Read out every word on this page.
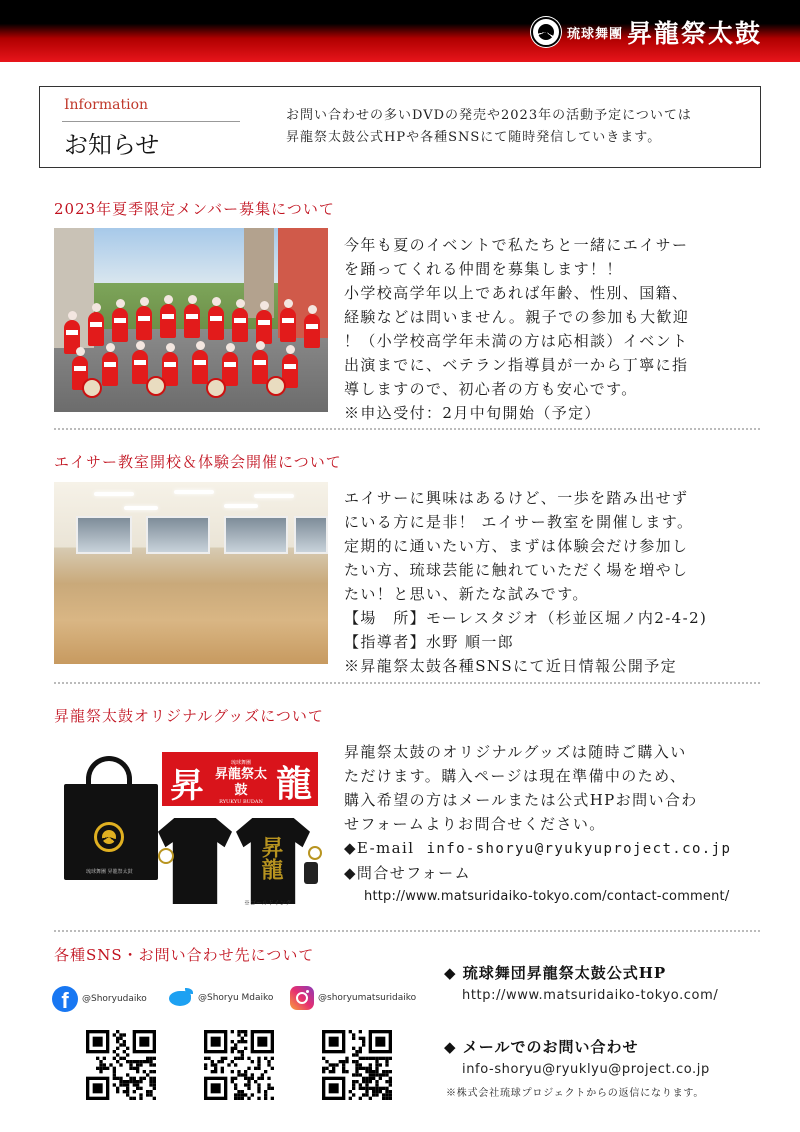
琉球舞團 昇龍祭太鼓
Information
お知らせ
お問い合わせの多いDVDの発売や2023年の活動予定については
昇龍祭太鼓公式HPや各種SNSにて随時発信していきます。
2023年夏季限定メンバー募集について

今年も夏のイベントで私たちと一緒にエイサー

を踊ってくれる仲間を募集します！！

小学校高学年以上であれば年齢、性別、国籍、

経験などは問いません。親子での参加も大歓迎

！（小学校高学年未満の方は応相談）イベント

出演までに、ベテラン指導員が一から丁寧に指

導しますので、初心者の方も安心です。

※申込受付：2月中旬開始（予定）

エイサー教室開校＆体験会開催について

エイサーに興味はあるけど、一歩を踏み出せず

にいる方に是非！ エイサー教室を開催します。

定期的に通いたい方、まずは体験会だけ参加し

たい方、琉球芸能に触れていただく場を増やし

たい！と思い、新たな試みです。

【場　所】モーレスタジオ（杉並区堀ノ内2-4-2)

【指導者】水野 順一郎

※昇龍祭太鼓各種SNSにて近日情報公開予定

昇龍祭太鼓オリジナルグッズについて
琉球舞團 昇龍祭太鼓
昇
琉球舞團
昇龍祭太鼓
RYUKYU BUDAN SHORYU MATSURI DAIKO
龍
昇龍
※ゴールドインク

昇龍祭太鼓のオリジナルグッズは随時ご購入い

ただけます。購入ページは現在準備中のため、

購入希望の方はメールまたは公式HPお問い合わ

せフォームよりお問合せください。

◆E-mail info-shoryu@ryukyuproject.co.jp

◆問合せフォーム

http://www.matsuridaiko-tokyo.com/contact-comment/

各種SNS・お問い合わせ先について
f	@Shoryudaiko	@Shoryu Mdaiko	@shoryumatsuridaiko
◆ 琉球舞団昇龍祭太鼓公式HP
http://www.matsuridaiko-tokyo.com/
◆ メールでのお問い合わせ
info-shoryu@ryuklyu@project.co.jp
※株式会社琉球プロジェクトからの返信になります。
